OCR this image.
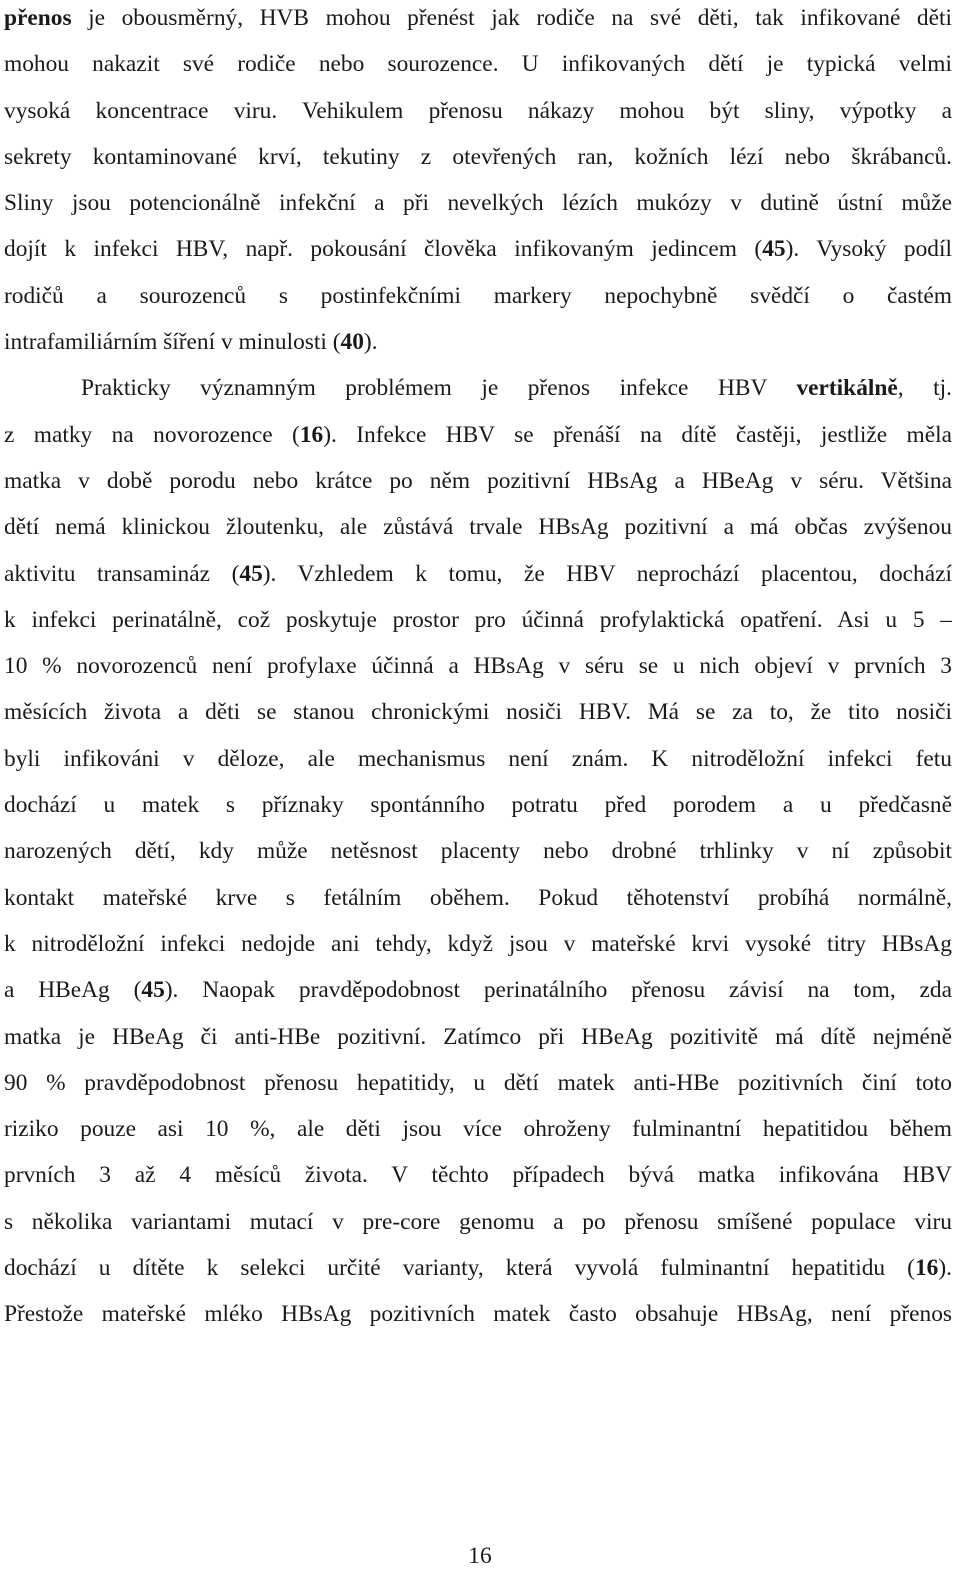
přenos je obousměrný, HVB mohou přenést jak rodiče na své děti, tak infikované děti
mohou nakazit své rodiče nebo sourozence. U infikovaných dětí je typická velmi
vysoká koncentrace viru. Vehikulem přenosu nákazy mohou být sliny, výpotky a
sekrety kontaminované krví, tekutiny z otevřených ran, kožních lézí nebo škrábanců.
Sliny jsou potencionálně infekční a při nevelkých lézích mukózy v dutině ústní může
dojít k infekci HBV, např. pokousání člověka infikovaným jedincem (45). Vysoký podíl
rodičů a sourozenců s postinfekčními markery nepochybně svědčí o častém
intrafamiliárním šíření v minulosti (40).
Prakticky významným problémem je přenos infekce HBV vertikálně, tj.
z matky na novorozence (16). Infekce HBV se přenáší na dítě častěji, jestliže měla
matka v době porodu nebo krátce po něm pozitivní HBsAg a HBeAg v séru. Většina
dětí nemá klinickou žloutenku, ale zůstává trvale HBsAg pozitivní a má občas zvýšenou
aktivitu transamináz (45). Vzhledem k tomu, že HBV neprochází placentou, dochází
k infekci perinatálně, což poskytuje prostor pro účinná profylaktická opatření. Asi u 5 –
10 % novorozenců není profylaxe účinná a HBsAg v séru se u nich objeví v prvních 3
měsících života a děti se stanou chronickými nosiči HBV. Má se za to, že tito nosiči
byli infikováni v děloze, ale mechanismus není znám. K nitroděložní infekci fetu
dochází u matek s příznaky spontánního potratu před porodem a u předčasně
narozených dětí, kdy může netěsnost placenty nebo drobné trhlinky v ní způsobit
kontakt mateřské krve s fetálním oběhem. Pokud těhotenství probíhá normálně,
k nitroděložní infekci nedojde ani tehdy, když jsou v mateřské krvi vysoké titry HBsAg
a HBeAg (45). Naopak pravděpodobnost perinatálního přenosu závisí na tom, zda
matka je HBeAg či anti-HBe pozitivní. Zatímco při HBeAg pozitivitě má dítě nejméně
90 % pravděpodobnost přenosu hepatitidy, u dětí matek anti-HBe pozitivních činí toto
riziko pouze asi 10 %, ale děti jsou více ohroženy fulminantní hepatitidou během
prvních 3 až 4 měsíců života. V těchto případech bývá matka infikována HBV
s několika variantami mutací v pre-core genomu a po přenosu smíšené populace viru
dochází u dítěte k selekci určité varianty, která vyvolá fulminantní hepatitidu (16).
Přestože mateřské mléko HBsAg pozitivních matek často obsahuje HBsAg, není přenos
16
